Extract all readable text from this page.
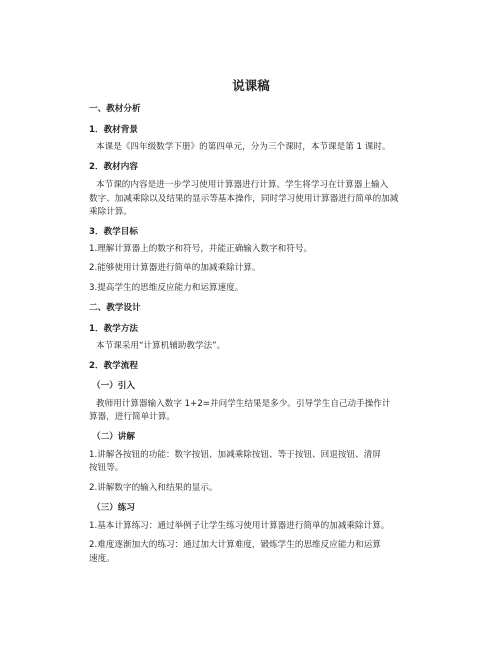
说课稿
一、教材分析
1．教材背景
本课是《四年级数学下册》的第四单元，分为三个课时，本节课是第 1 课时。
2．教材内容
本节课的内容是进一步学习使用计算器进行计算。学生将学习在计算器上输入
数字、加减乘除以及结果的显示等基本操作，同时学习使用计算器进行简单的加减
乘除计算。
3．教学目标
1.理解计算器上的数字和符号，并能正确输入数字和符号。
2.能够使用计算器进行简单的加减乘除计算。
3.提高学生的思维反应能力和运算速度。
二、教学设计
1．教学方法
本节课采用“计算机辅助教学法”。
2．教学流程
（一）引入
教师用计算器输入数字 1+2=并问学生结果是多少。引导学生自己动手操作计
算器，进行简单计算。
（二）讲解
1.讲解各按钮的功能：数字按钮、加减乘除按钮、等于按钮、回退按钮、清屏
按钮等。
2.讲解数字的输入和结果的显示。
（三）练习
1.基本计算练习：通过举例子让学生练习使用计算器进行简单的加减乘除计算。
2.难度逐渐加大的练习：通过加大计算难度，锻炼学生的思维反应能力和运算
速度。
